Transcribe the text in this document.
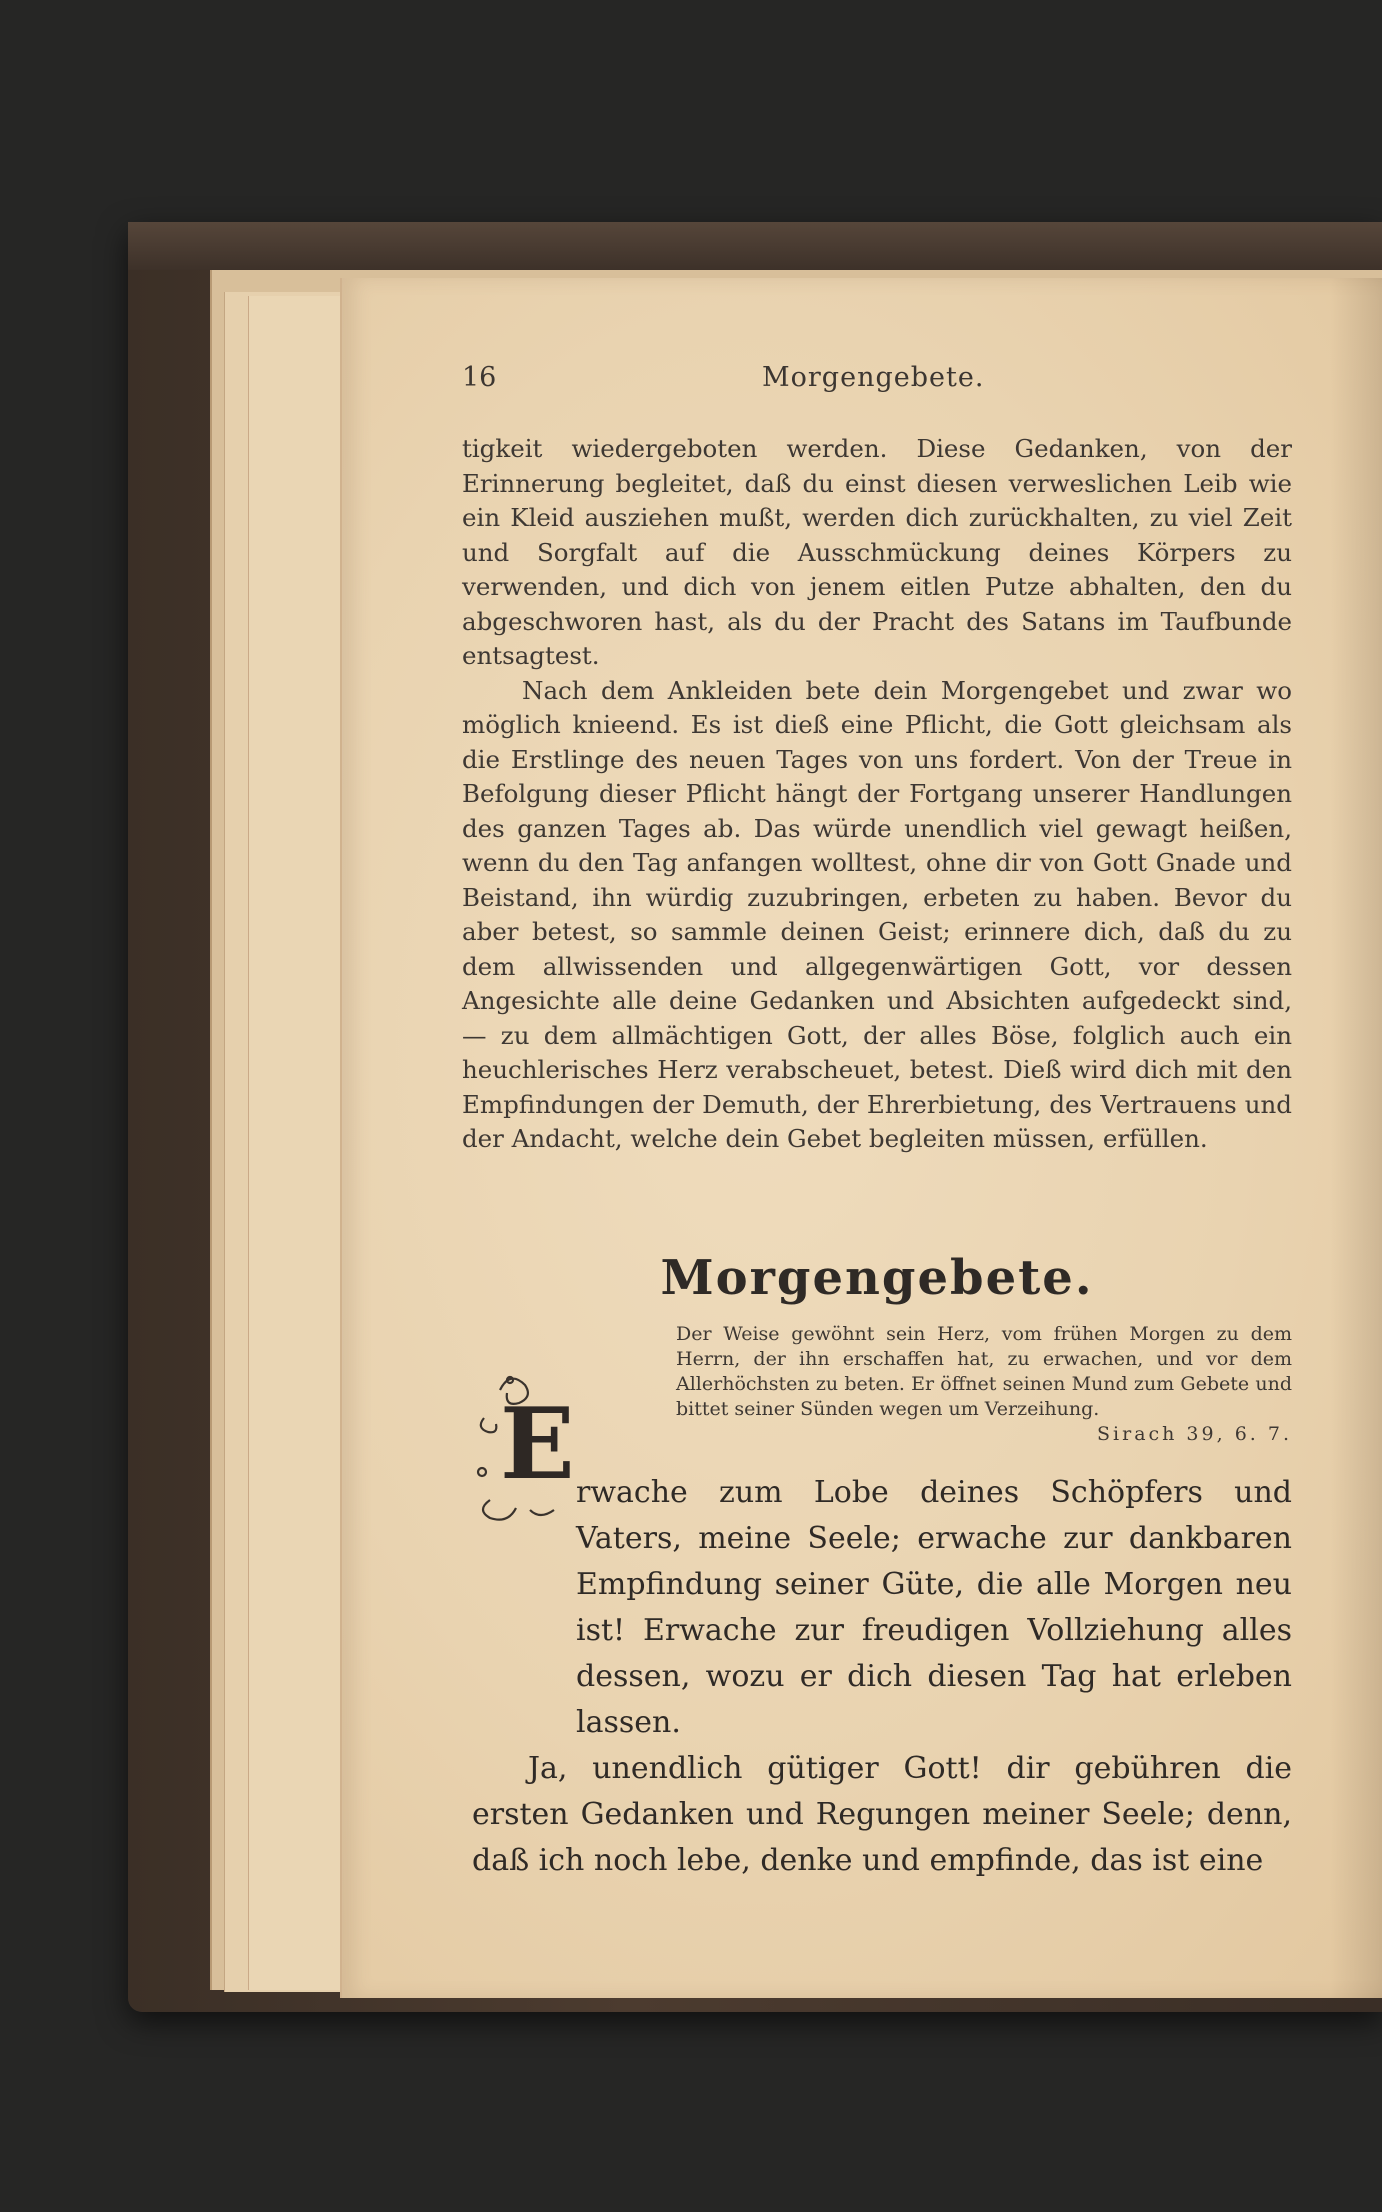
16	Morgengebete.

tigkeit wiedergeboten werden. Diese Gedanken, von der Erinnerung begleitet, daß du einst diesen verweslichen Leib wie ein Kleid ausziehen mußt, werden dich zurückhalten, zu viel Zeit und Sorgfalt auf die Ausschmückung deines Körpers zu verwenden, und dich von jenem eitlen Putze abhalten, den du abgeschworen hast, als du der Pracht des Satans im Taufbunde entsagtest.

Nach dem Ankleiden bete dein Morgengebet und zwar wo möglich knieend. Es ist dieß eine Pflicht, die Gott gleichsam als die Erstlinge des neuen Tages von uns fordert. Von der Treue in Befolgung dieser Pflicht hängt der Fortgang unserer Handlungen des ganzen Tages ab. Das würde unendlich viel gewagt heißen, wenn du den Tag anfangen wolltest, ohne dir von Gott Gnade und Beistand, ihn würdig zuzubringen, erbeten zu haben. Bevor du aber betest, so sammle deinen Geist; erinnere dich, daß du zu dem allwissenden und allgegenwärtigen Gott, vor dessen Angesichte alle deine Gedanken und Absichten aufgedeckt sind, — zu dem allmächtigen Gott, der alles Böse, folglich auch ein heuchlerisches Herz verabscheuet, betest. Dieß wird dich mit den Empfindungen der Demuth, der Ehrerbietung, des Vertrauens und der Andacht, welche dein Gebet begleiten müssen, erfüllen.

Morgengebete.
Der Weise gewöhnt sein Herz, vom frühen Morgen zu dem Herrn, der ihn erschaffen hat, zu erwachen, und vor dem Allerhöchsten zu beten. Er öffnet seinen Mund zum Gebete und bittet seiner Sünden wegen um Verzeihung.
Sirach 39, 6. 7.
E rwache zum Lobe deines Schöpfers und Vaters, meine Seele; erwache zur dankbaren Empfindung seiner Güte, die alle Morgen neu ist! Erwache zur freudigen Vollziehung alles dessen, wozu er dich diesen Tag hat erleben lassen.

Ja, unendlich gütiger Gott! dir gebühren die ersten Gedanken und Regungen meiner Seele; denn, daß ich noch lebe, denke und empfinde, das ist eine
